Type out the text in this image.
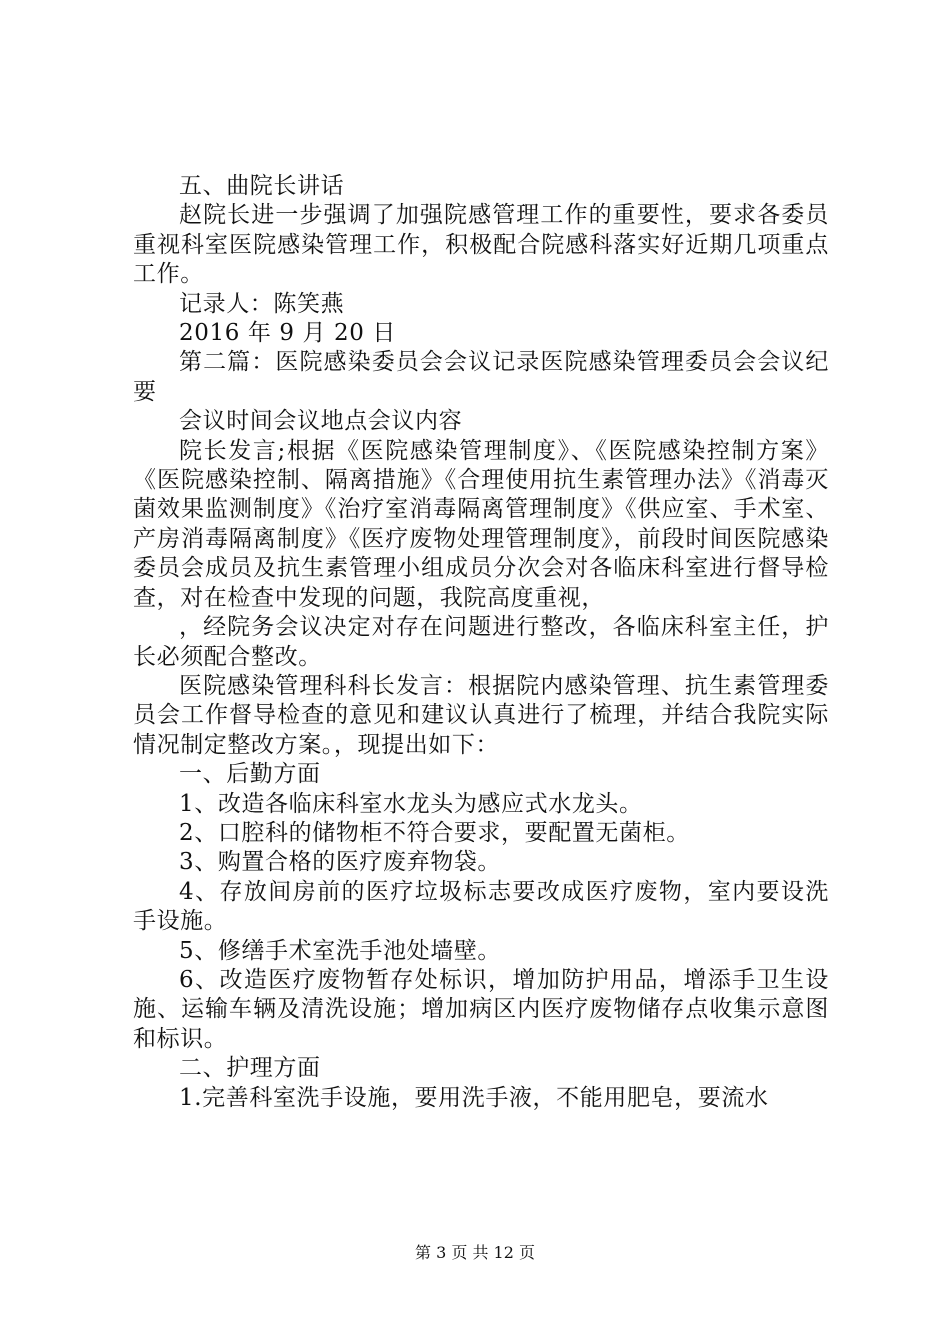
五、曲院长讲话

赵院长进一步强调了加强院感管理工作的重要性，要求各委员重视科室医院感染管理工作，积极配合院感科落实好近期几项重点工作。

记录人：陈笑燕

2016 年 9 月 20 日

第二篇：医院感染委员会会议记录医院感染管理委员会会议纪要

会议时间会议地点会议内容

院长发言;根据《医院感染管理制度》、《医院感染控制方案》《医院感染控制、隔离措施》《合理使用抗生素管理办法》《消毒灭菌效果监测制度》《治疗室消毒隔离管理制度》《供应室、手术室、产房消毒隔离制度》《医疗废物处理管理制度》，前段时间医院感染委员会成员及抗生素管理小组成员分次会对各临床科室进行督导检查，对在检查中发现的问题，我院高度重视，

，经院务会议决定对存在问题进行整改，各临床科室主任，护长必须配合整改。

医院感染管理科科长发言：根据院内感染管理、抗生素管理委员会工作督导检查的意见和建议认真进行了梳理，并结合我院实际情况制定整改方案。，现提出如下：

一、后勤方面

1、改造各临床科室水龙头为感应式水龙头。

2、口腔科的储物柜不符合要求，要配置无菌柜。

3、购置合格的医疗废弃物袋。

4、存放间房前的医疗垃圾标志要改成医疗废物，室内要设洗手设施。

5、修缮手术室洗手池处墙壁。

6、改造医疗废物暂存处标识，增加防护用品，增添手卫生设施、运输车辆及清洗设施；增加病区内医疗废物储存点收集示意图和标识。

二、护理方面

1.完善科室洗手设施，要用洗手液，不能用肥皂，要流水

第 3 页 共 12 页
